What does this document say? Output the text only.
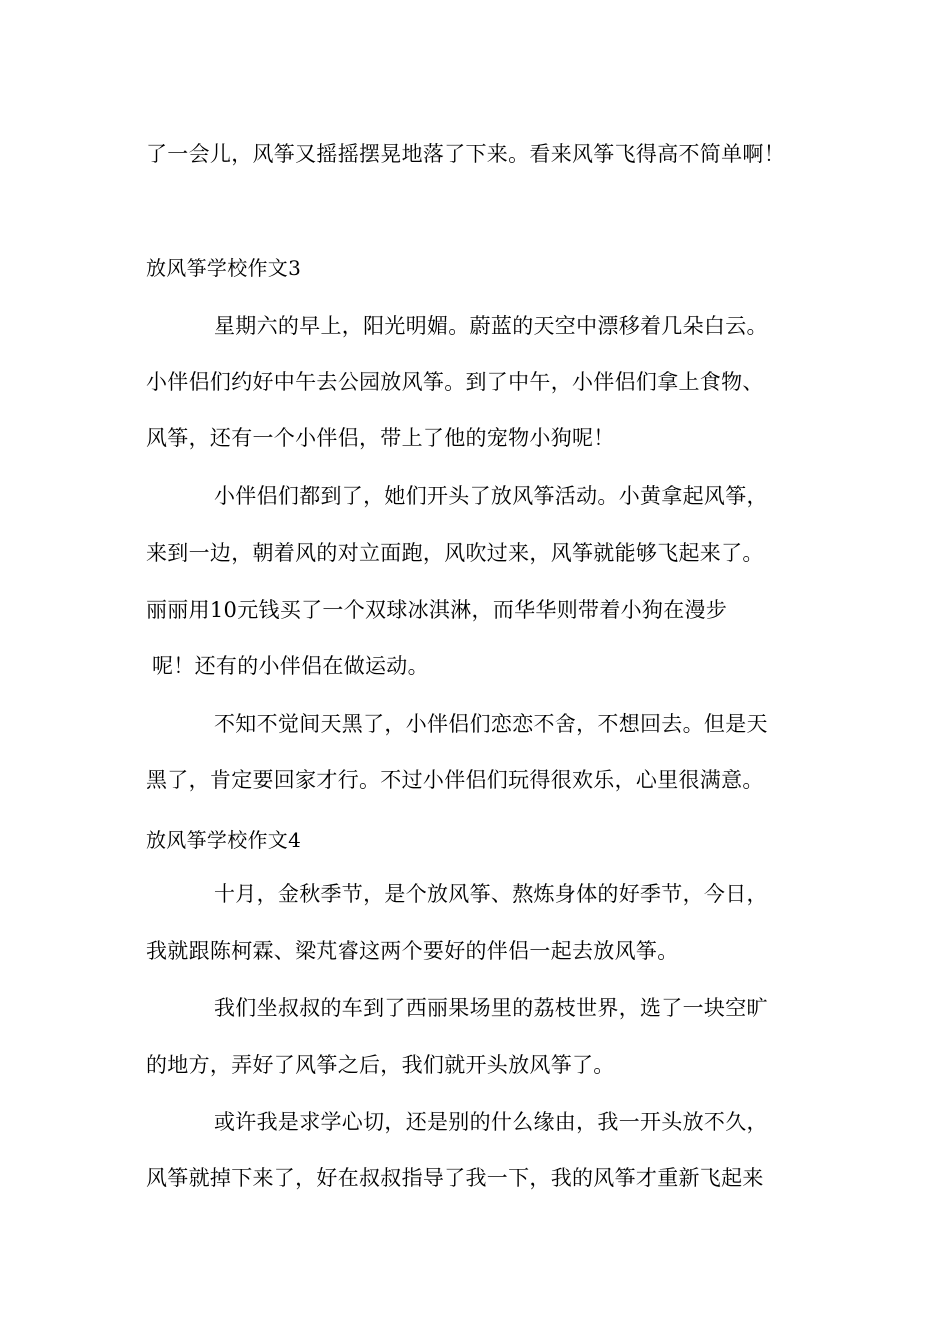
了一会儿，风筝又摇摇摆晃地落了下来。看来风筝飞得高不简单啊！
放风筝学校作文3
星期六的早上，阳光明媚。蔚蓝的天空中漂移着几朵白云。
小伴侣们约好中午去公园放风筝。到了中午，小伴侣们拿上食物、
风筝，还有一个小伴侣，带上了他的宠物小狗呢！
小伴侣们都到了，她们开头了放风筝活动。小黄拿起风筝，
来到一边，朝着风的对立面跑，风吹过来，风筝就能够飞起来了。
丽丽用10元钱买了一个双球冰淇淋，而华华则带着小狗在漫步
呢！还有的小伴侣在做运动。
不知不觉间天黑了，小伴侣们恋恋不舍，不想回去。但是天
黑了，肯定要回家才行。不过小伴侣们玩得很欢乐，心里很满意。
放风筝学校作文4
十月，金秋季节，是个放风筝、熬炼身体的好季节，今日，
我就跟陈柯霖、梁芃睿这两个要好的伴侣一起去放风筝。
我们坐叔叔的车到了西丽果场里的荔枝世界，选了一块空旷
的地方，弄好了风筝之后，我们就开头放风筝了。
或许我是求学心切，还是别的什么缘由，我一开头放不久，
风筝就掉下来了，好在叔叔指导了我一下，我的风筝才重新飞起来
